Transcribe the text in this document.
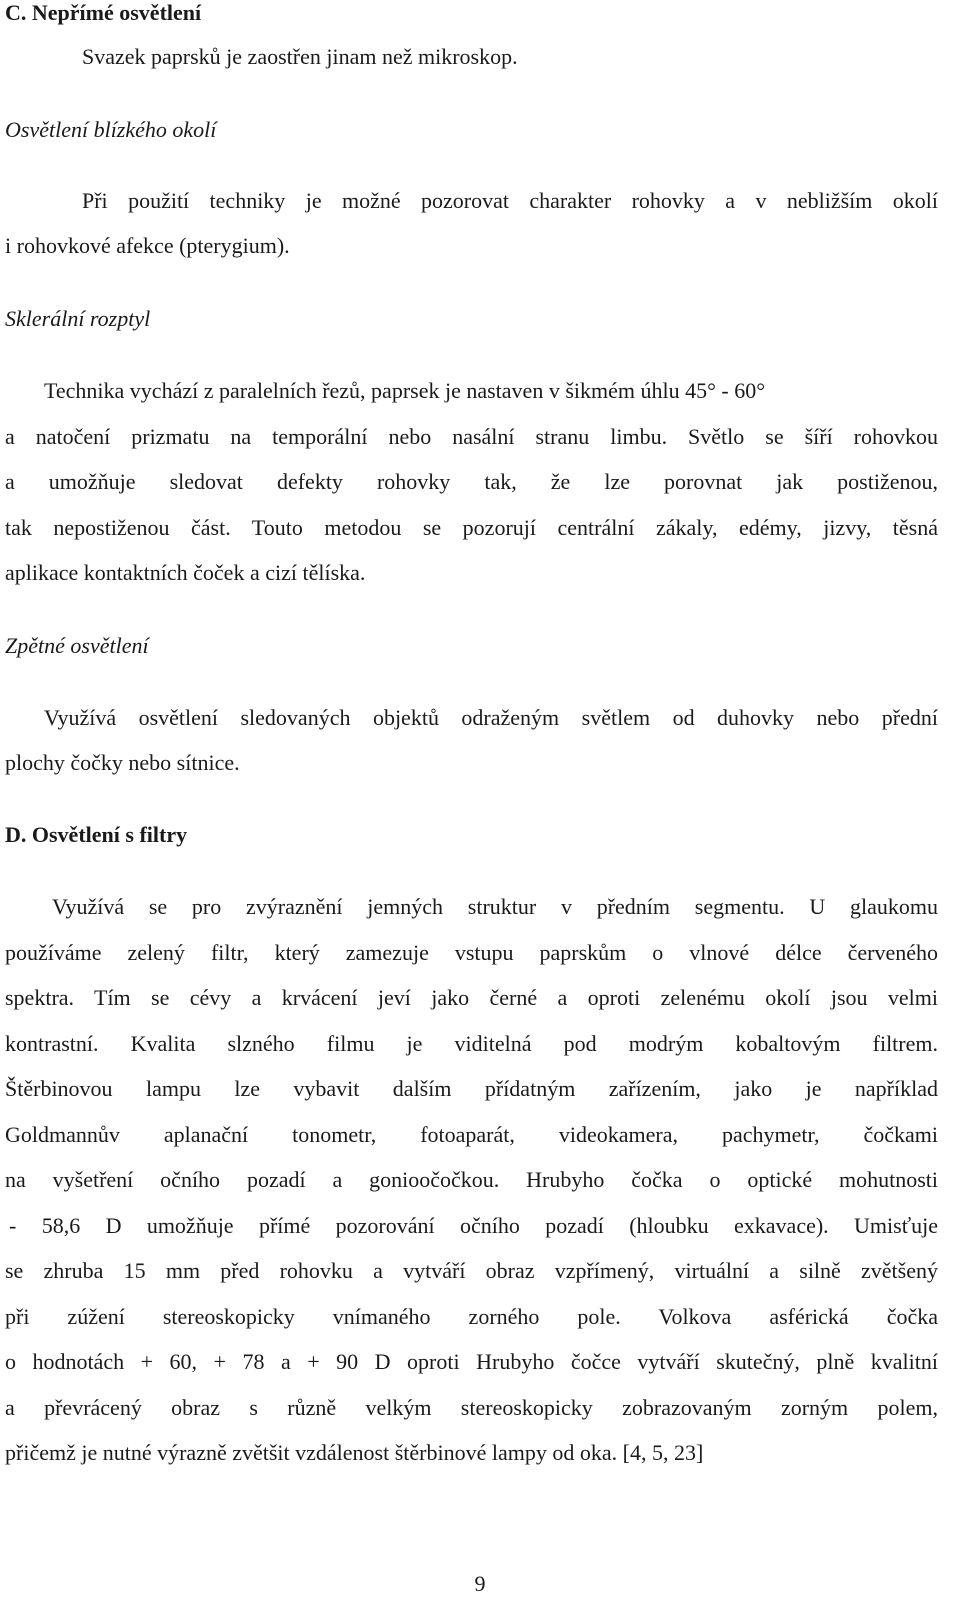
C. Nepřímé osvětlení
Svazek paprsků je zaostřen jinam než mikroskop.
Osvětlení blízkého okolí
Při použití techniky je možné pozorovat charakter rohovky a v nebližším okolí
i rohovkové afekce (pterygium).
Sklerální rozptyl
Technika vychází z paralelních řezů, paprsek je nastaven v šikmém úhlu 45° - 60°
a natočení prizmatu na temporální nebo nasální stranu limbu. Světlo se šíří rohovkou
a umožňuje sledovat defekty rohovky tak, že lze porovnat jak postiženou,
tak nepostiženou část. Touto metodou se pozorují centrální zákaly, edémy, jizvy, těsná
aplikace kontaktních čoček a cizí tělíska.
Zpětné osvětlení
Využívá osvětlení sledovaných objektů odraženým světlem od duhovky nebo přední
plochy čočky nebo sítnice.
D. Osvětlení s filtry
Využívá se pro zvýraznění jemných struktur v předním segmentu. U glaukomu
používáme zelený filtr, který zamezuje vstupu paprskům o vlnové délce červeného
spektra. Tím se cévy a krvácení jeví jako černé a oproti zelenému okolí jsou velmi
kontrastní. Kvalita slzného filmu je viditelná pod modrým kobaltovým filtrem.
Štěrbinovou lampu lze vybavit dalším přídatným zařízením, jako je například
Goldmannův aplanační tonometr, fotoaparát, videokamera, pachymetr, čočkami
na vyšetření očního pozadí a gonioočočkou. Hrubyho čočka o optické mohutnosti
- 58,6 D umožňuje přímé pozorování očního pozadí (hloubku exkavace). Umisťuje
se zhruba 15 mm před rohovku a vytváří obraz vzpřímený, virtuální a silně zvětšený
při zúžení stereoskopicky vnímaného zorného pole. Volkova asférická čočka
o hodnotách + 60, + 78 a + 90 D oproti Hrubyho čočce vytváří skutečný, plně kvalitní
a převrácený obraz s různě velkým stereoskopicky zobrazovaným zorným polem,
přičemž je nutné výrazně zvětšit vzdálenost štěrbinové lampy od oka. [4, 5, 23]
9
